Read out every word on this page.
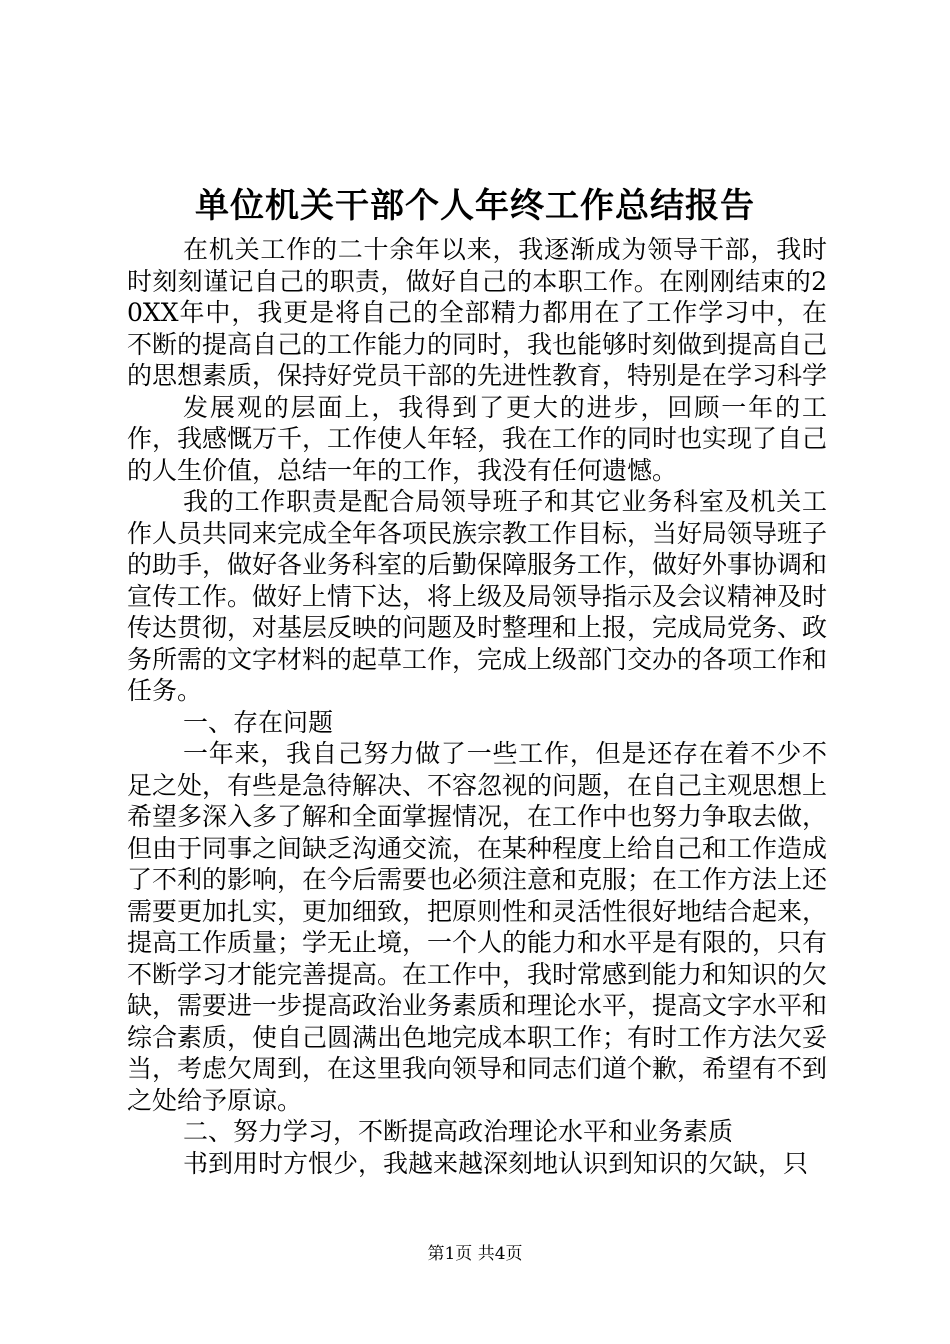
单位机关干部个人年终工作总结报告

在机关工作的二十余年以来，我逐渐成为领导干部，我时时刻刻谨记自己的职责，做好自己的本职工作。在刚刚结束的20XX年中，我更是将自己的全部精力都用在了工作学习中，在不断的提高自己的工作能力的同时，我也能够时刻做到提高自己的思想素质，保持好党员干部的先进性教育，特别是在学习科学

发展观的层面上，我得到了更大的进步，回顾一年的工作，我感慨万千，工作使人年轻，我在工作的同时也实现了自己的人生价值，总结一年的工作，我没有任何遗憾。

我的工作职责是配合局领导班子和其它业务科室及机关工作人员共同来完成全年各项民族宗教工作目标，当好局领导班子的助手，做好各业务科室的后勤保障服务工作，做好外事协调和宣传工作。做好上情下达，将上级及局领导指示及会议精神及时传达贯彻，对基层反映的问题及时整理和上报，完成局党务、政务所需的文字材料的起草工作，完成上级部门交办的各项工作和任务。

一、存在问题

一年来，我自己努力做了一些工作，但是还存在着不少不足之处，有些是急待解决、不容忽视的问题，在自己主观思想上希望多深入多了解和全面掌握情况，在工作中也努力争取去做，但由于同事之间缺乏沟通交流，在某种程度上给自己和工作造成了不利的影响，在今后需要也必须注意和克服；在工作方法上还需要更加扎实，更加细致，把原则性和灵活性很好地结合起来，提高工作质量；学无止境，一个人的能力和水平是有限的，只有不断学习才能完善提高。在工作中，我时常感到能力和知识的欠缺，需要进一步提高政治业务素质和理论水平，提高文字水平和综合素质，使自己圆满出色地完成本职工作；有时工作方法欠妥当，考虑欠周到，在这里我向领导和同志们道个歉，希望有不到之处给予原谅。

二、努力学习，不断提高政治理论水平和业务素质

书到用时方恨少，我越来越深刻地认识到知识的欠缺，只

第1页 共4页
